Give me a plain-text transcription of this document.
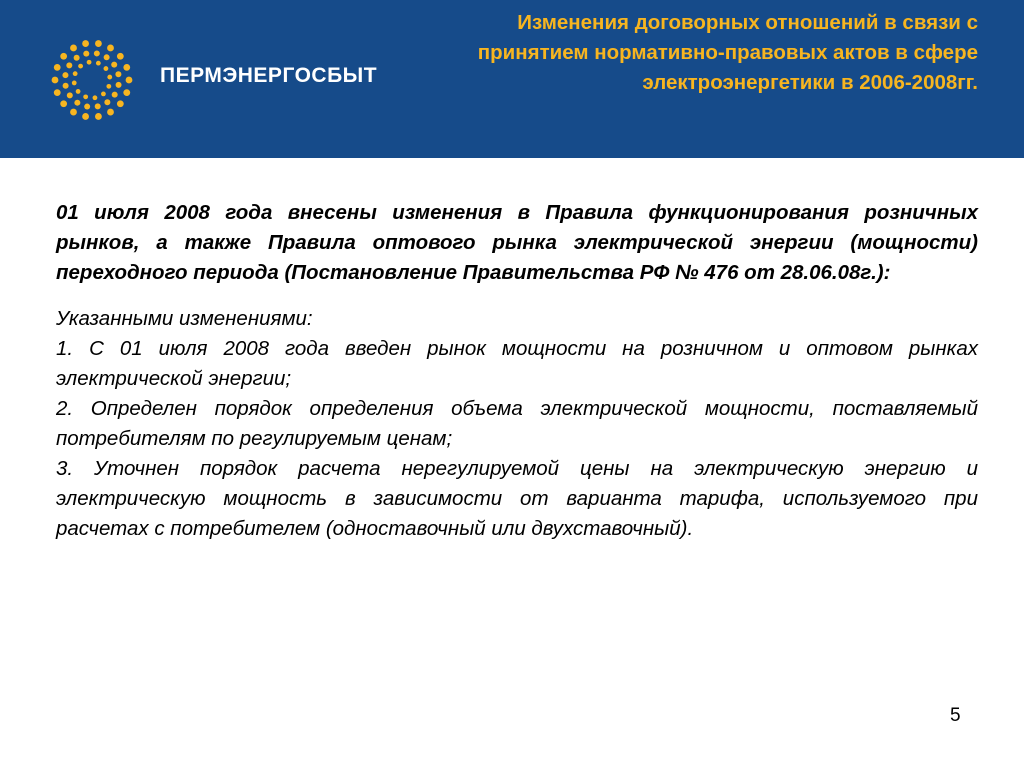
ПЕРМЭНЕРГОСБЫТ
Изменения договорных отношений в связи с принятием нормативно-правовых актов в сфере электроэнергетики в 2006-2008гг.

01 июля 2008 года внесены изменения в Правила функционирования розничных рынков, а также Правила оптового рынка электрической энергии (мощности) переходного периода (Постановление Правительства РФ № 476 от 28.06.08г.):

Указанными изменениями:

1. С 01 июля 2008 года введен рынок мощности на розничном и оптовом рынках электрической энергии;

2. Определен порядок определения объема электрической мощности, поставляемый потребителям по регулируемым ценам;

3. Уточнен порядок расчета нерегулируемой цены на электрическую энергию и электрическую мощность в зависимости от варианта тарифа, используемого при расчетах с потребителем (одноставочный или двухставочный).

5
